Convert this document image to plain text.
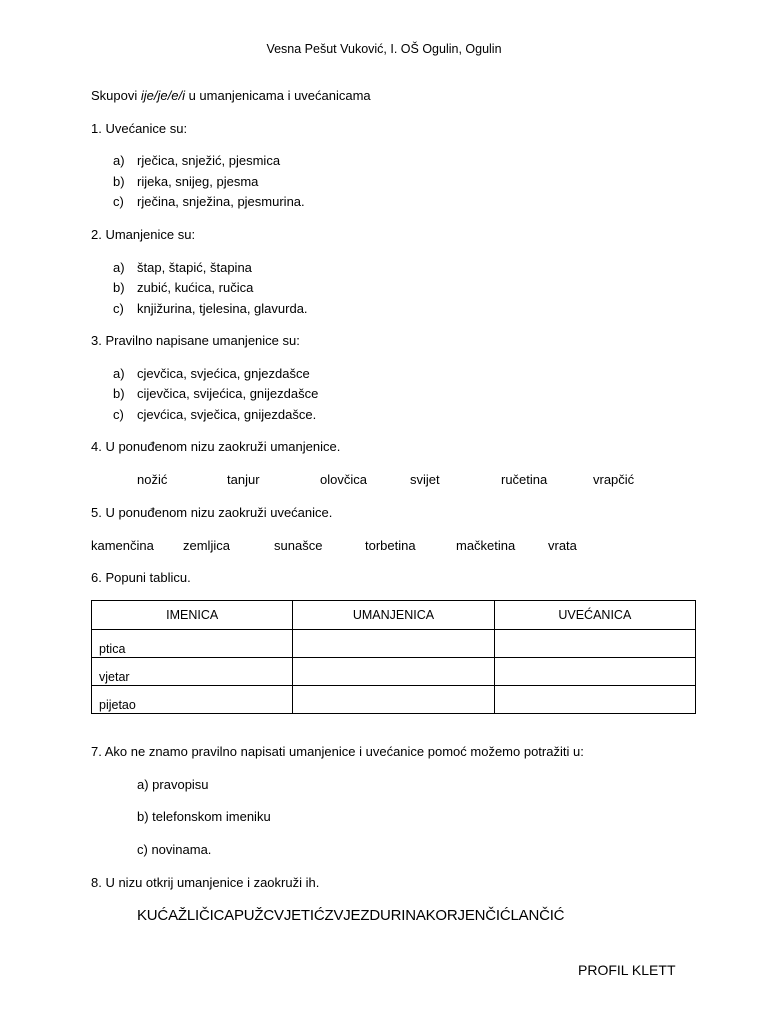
Vesna Pešut Vuković, I. OŠ Ogulin, Ogulin
Skupovi ije/je/e/i u umanjenicama i uvećanicama
1. Uvećanice su:
a) rječica, snježić, pjesmica
b) rijeka, snijeg, pjesma
c) rječina, snježina, pjesmurina.
2. Umanjenice su:
a) štap, štapić, štapina
b) zubić, kućica, ručica
c) knjižurina, tjelesina, glavurda.
3. Pravilno napisane umanjenice su:
a) cjevčica, svjećica, gnjezdašce
b) cijevčica, svijećica, gnijezdašce
c) cjevćica, svječica, gnijezdašce.
4. U ponuđenom nizu zaokruži umanjenice.
nožić	tanjur	olovčica	svijet	ručetina	vrapčić
5. U ponuđenom nizu zaokruži uvećanice.
kamenčina zemljica	sunašce	torbetina	mačketina	vrata
6. Popuni tablicu.
IMENICA	UMANJENICA	UVEĆANICA
ptica		
vjetar		
pijetao		
7. Ako ne znamo pravilno napisati umanjenice i uvećanice pomoć možemo potražiti u:
a) pravopisu
b) telefonskom imeniku
c) novinama.
8. U nizu otkrij umanjenice i zaokruži ih.
KUĆAŽLIČICAPUŽCVJETIĆZVJEZDURINAKORJENČIĆLANČIĆ
PROFIL KLETT
